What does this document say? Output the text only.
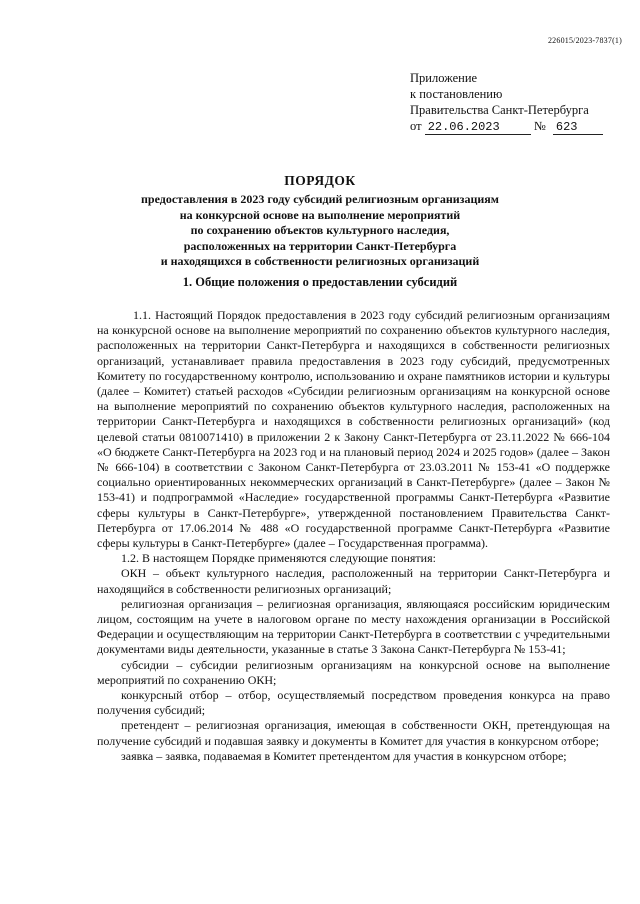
226015/2023-7837(1)
Приложение
к постановлению
Правительства Санкт-Петербурга
от 22.06.2023	№ 623
ПОРЯДОК
предоставления в 2023 году субсидий религиозным организациям
на конкурсной основе на выполнение мероприятий
по сохранению объектов культурного наследия,
расположенных на территории Санкт-Петербурга
и находящихся в собственности религиозных организаций
1. Общие положения о предоставлении субсидий

1.1. Настоящий Порядок предоставления в 2023 году субсидий религиозным организациям на конкурсной основе на выполнение мероприятий по сохранению объектов культурного наследия, расположенных на территории Санкт-Петербурга и находящихся в собственности религиозных организаций, устанавливает правила предоставления в 2023 году субсидий, предусмотренных Комитету по государственному контролю, использованию и охране памятников истории и культуры (далее – Комитет) статьей расходов «Субсидии религиозным организациям на конкурсной основе на выполнение мероприятий по сохранению объектов культурного наследия, расположенных на территории Санкт-Петербурга и находящихся в собственности религиозных организаций» (код целевой статьи 0810071410) в приложении 2 к Закону Санкт-Петербурга от 23.11.2022 № 666-104 «О бюджете Санкт-Петербурга на 2023 год и на плановый период 2024 и 2025 годов» (далее – Закон № 666-104) в соответствии с Законом Санкт-Петербурга от 23.03.2011 № 153-41 «О поддержке социально ориентированных некоммерческих организаций в Санкт-Петербурге» (далее – Закон № 153-41) и подпрограммой «Наследие» государственной программы Санкт-Петербурга «Развитие сферы культуры в Санкт-Петербурге», утвержденной постановлением Правительства Санкт-Петербурга от 17.06.2014 № 488 «О государственной программе Санкт-Петербурга «Развитие сферы культуры в Санкт-Петербурге» (далее – Государственная программа).

1.2. В настоящем Порядке применяются следующие понятия:

ОКН – объект культурного наследия, расположенный на территории Санкт-Петербурга и находящийся в собственности религиозных организаций;

религиозная организация – религиозная организация, являющаяся российским юридическим лицом, состоящим на учете в налоговом органе по месту нахождения организации в Российской Федерации и осуществляющим на территории Санкт-Петербурга в соответствии с учредительными документами виды деятельности, указанные в статье 3 Закона Санкт-Петербурга № 153-41;

субсидии – субсидии религиозным организациям на конкурсной основе на выполнение мероприятий по сохранению ОКН;

конкурсный отбор – отбор, осуществляемый посредством проведения конкурса на право получения субсидий;

претендент – религиозная организация, имеющая в собственности ОКН, претендующая на получение субсидий и подавшая заявку и документы в Комитет для участия в конкурсном отборе;

заявка – заявка, подаваемая в Комитет претендентом для участия в конкурсном отборе;
